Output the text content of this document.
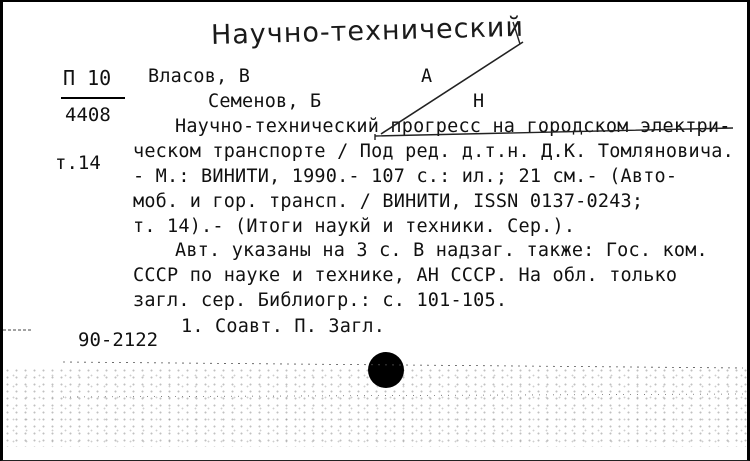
Научно-технический
П 10
4408
т.14
90-2122
Власов, В	А
Семенов, Б	Н
Научно-технический прогресс на городском электри-
ческом транспорте / Под ред. д.т.н. Д.К. Томляновича.
- М.: ВИНИТИ, 1990.- 107 с.: ил.; 21 см.- (Авто-
моб. и гор. трансп. / ВИНИТИ, ISSN 0137-0243;
т. 14).- (Итоги наукй и техники. Сер.).
Авт. указаны на 3 с. В надзаг. также: Гос. ком.
СССР по науке и технике, АН СССР. На обл. только
загл. сер. Библиогр.: с. 101-105.
1. Соавт. П. Загл.
